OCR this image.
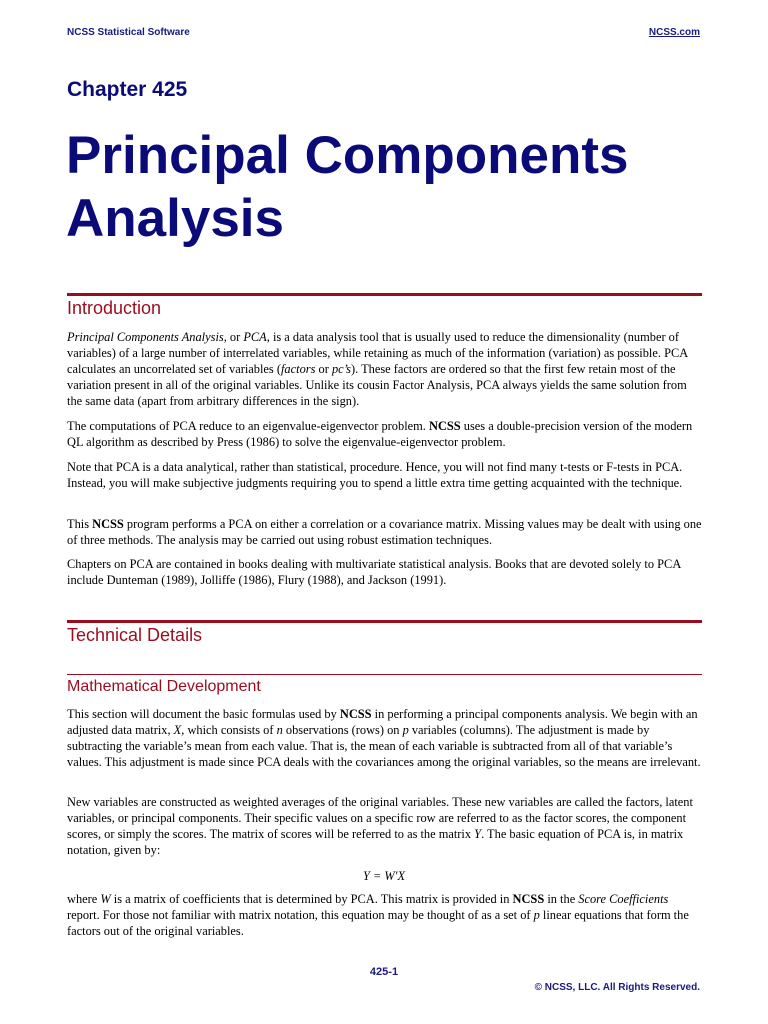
NCSS Statistical Software	NCSS.com
Chapter 425
Principal Components Analysis
Introduction

Principal Components Analysis, or PCA, is a data analysis tool that is usually used to reduce the dimensionality (number of variables) of a large number of interrelated variables, while retaining as much of the information (variation) as possible. PCA calculates an uncorrelated set of variables (factors or pc’s). These factors are ordered so that the first few retain most of the variation present in all of the original variables. Unlike its cousin Factor Analysis, PCA always yields the same solution from the same data (apart from arbitrary differences in the sign).

The computations of PCA reduce to an eigenvalue-eigenvector problem. NCSS uses a double-precision version of the modern QL algorithm as described by Press (1986) to solve the eigenvalue-eigenvector problem.

Note that PCA is a data analytical, rather than statistical, procedure. Hence, you will not find many t-tests or F-tests in PCA. Instead, you will make subjective judgments requiring you to spend a little extra time getting acquainted with the technique.

This NCSS program performs a PCA on either a correlation or a covariance matrix. Missing values may be dealt with using one of three methods. The analysis may be carried out using robust estimation techniques.

Chapters on PCA are contained in books dealing with multivariate statistical analysis. Books that are devoted solely to PCA include Dunteman (1989), Jolliffe (1986), Flury (1988), and Jackson (1991).

Technical Details
Mathematical Development

This section will document the basic formulas used by NCSS in performing a principal components analysis. We begin with an adjusted data matrix, X, which consists of n observations (rows) on p variables (columns). The adjustment is made by subtracting the variable’s mean from each value. That is, the mean of each variable is subtracted from all of that variable’s values. This adjustment is made since PCA deals with the covariances among the original variables, so the means are irrelevant.

New variables are constructed as weighted averages of the original variables. These new variables are called the factors, latent variables, or principal components. Their specific values on a specific row are referred to as the factor scores, the component scores, or simply the scores. The matrix of scores will be referred to as the matrix Y. The basic equation of PCA is, in matrix notation, given by:

Y = W′X

where W is a matrix of coefficients that is determined by PCA. This matrix is provided in NCSS in the Score Coefficients report. For those not familiar with matrix notation, this equation may be thought of as a set of p linear equations that form the factors out of the original variables.

425-1
© NCSS, LLC. All Rights Reserved.
